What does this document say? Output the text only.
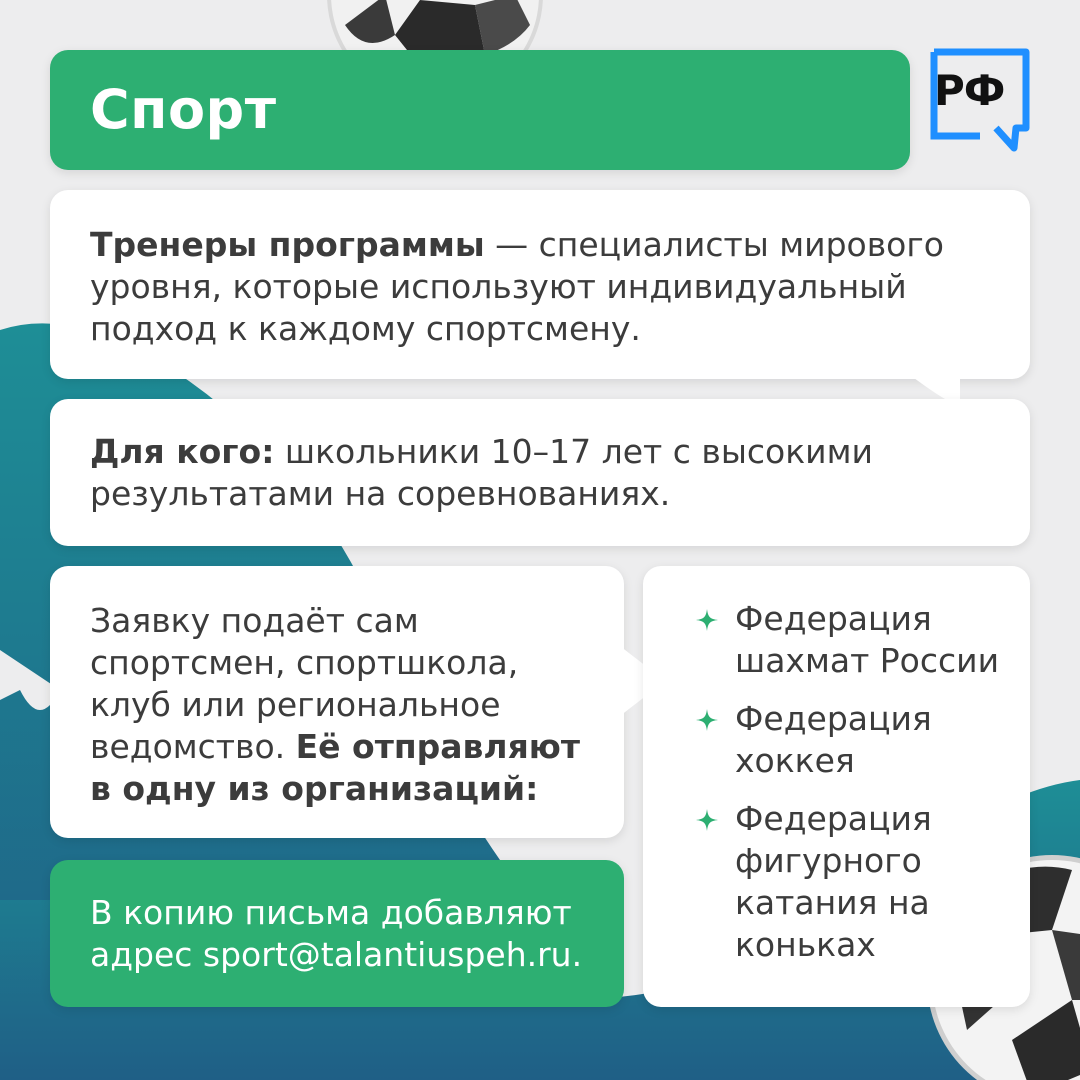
Спорт	РФ
Тренеры программы — специалисты мирового уровня, которые используют индивидуальный подход к каждому спортсмену.
Для кого: школьники 10–17 лет с высокими результатами на соревнованиях.
Заявку подаёт сам спортсмен, спортшкола, клуб или региональное ведомство. Её отправляют в одну из организаций:
Федерация шахмат России
Федерация хоккея
Федерация фигурного катания на коньках
В копию письма добавляют адрес sport@talantiuspeh.ru.
